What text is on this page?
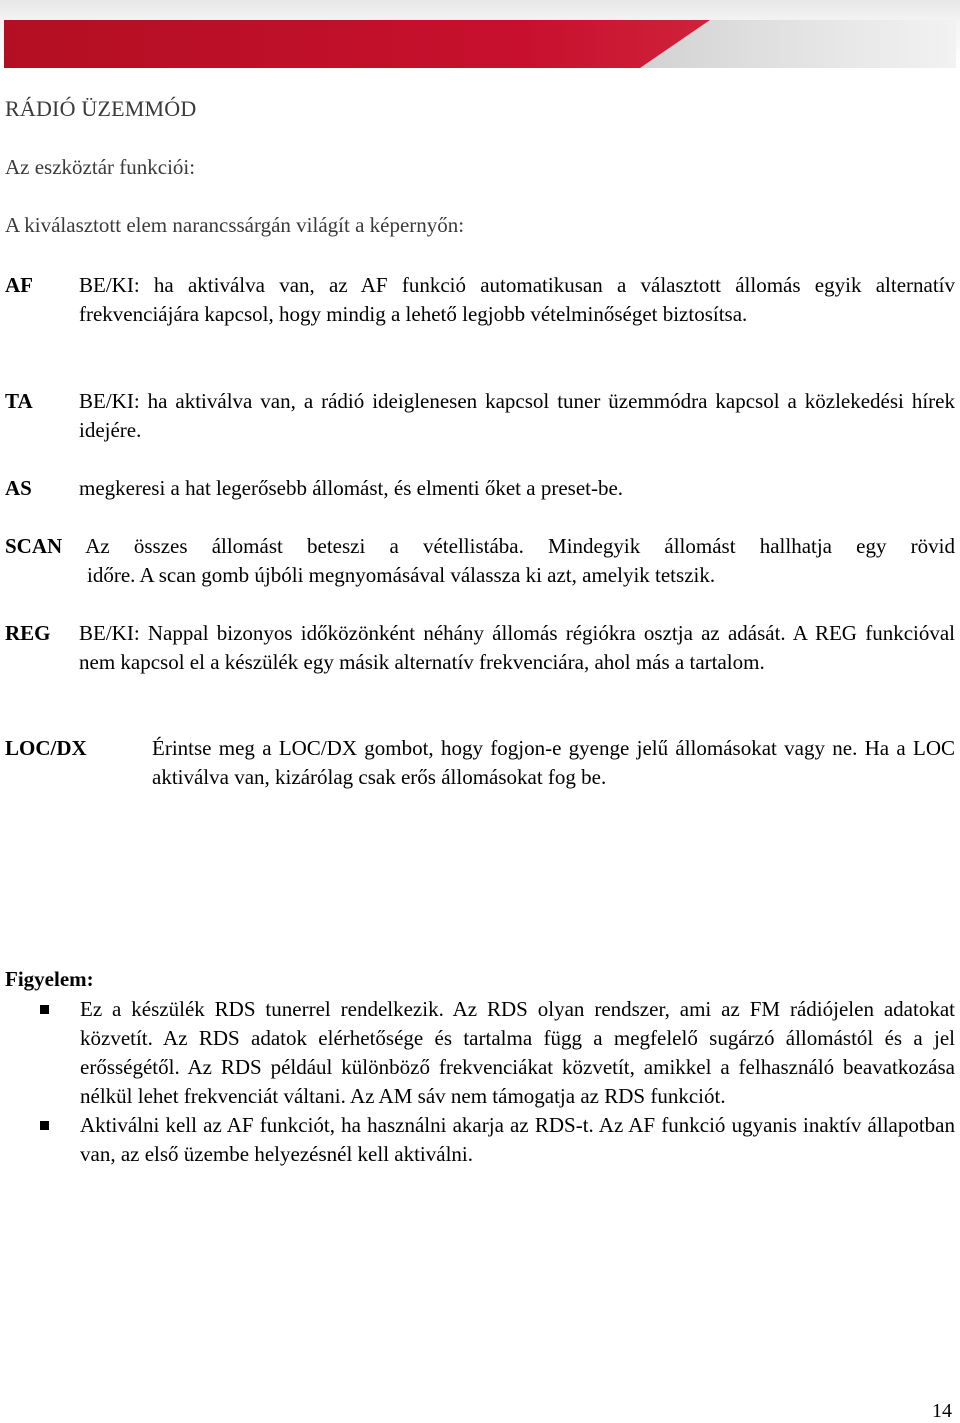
RÁDIÓ ÜZEMMÓD
Az eszköztár funkciói:
A kiválasztott elem narancssárgán világít a képernyőn:
AF BE/KI: ha aktiválva van, az AF funkció automatikusan a választott állomás egyik alternatív frekvenciájára kapcsol, hogy mindig a lehető legjobb vételminőséget biztosítsa.
TA BE/KI: ha aktiválva van, a rádió ideiglenesen kapcsol tuner üzemmódra kapcsol a közlekedési hírek idejére.
AS megkeresi a hat legerősebb állomást, és elmenti őket a preset-be.
SCAN Az összes állomást beteszi a vétellistába. Mindegyik állomást hallhatja egy rövid
időre. A scan gomb újbóli megnyomásával válassza ki azt, amelyik tetszik.
REG BE/KI: Nappal bizonyos időközönként néhány állomás régiókra osztja az adását. A REG funkcióval nem kapcsol el a készülék egy másik alternatív frekvenciára, ahol más a tartalom.
LOC/DX	Érintse meg a LOC/DX gombot, hogy fogjon-e gyenge jelű állomásokat vagy ne. Ha a LOC aktiválva van, kizárólag csak erős állomásokat fog be.
Figyelem:
Ez a készülék RDS tunerrel rendelkezik. Az RDS olyan rendszer, ami az FM rádiójelen adatokat közvetít. Az RDS adatok elérhetősége és tartalma függ a megfelelő sugárzó állomástól és a jel erősségétől. Az RDS például különböző frekvenciákat közvetít, amikkel a felhasználó beavatkozása nélkül lehet frekvenciát váltani. Az AM sáv nem támogatja az RDS funkciót.
Aktiválni kell az AF funkciót, ha használni akarja az RDS-t. Az AF funkció ugyanis inaktív állapotban van, az első üzembe helyezésnél kell aktiválni.
14
